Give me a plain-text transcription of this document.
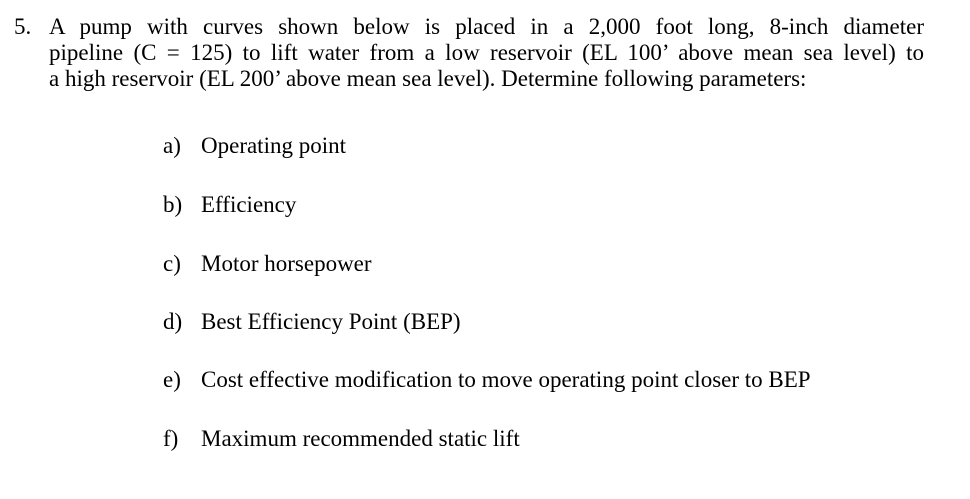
5. A pump with curves shown below is placed in a 2,000 foot long, 8-inch diameter
pipeline (C = 125) to lift water from a low reservoir (EL 100’ above mean sea level) to
a high reservoir (EL 200’ above mean sea level). Determine following parameters:
a) Operating point
b) Efficiency
c) Motor horsepower
d) Best Efficiency Point (BEP)
e) Cost effective modification to move operating point closer to BEP
f) Maximum recommended static lift
